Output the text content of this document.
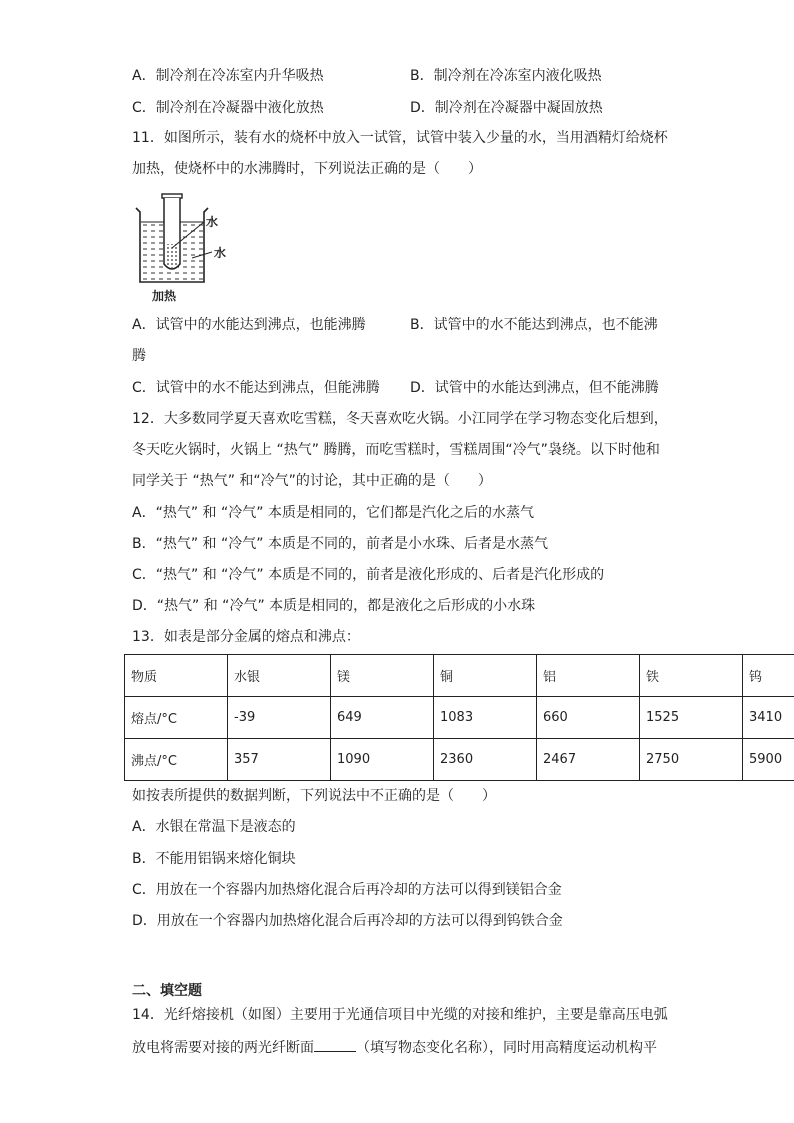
A．制冷剂在冷冻室内升华吸热	B．制冷剂在冷冻室内液化吸热
C．制冷剂在冷凝器中液化放热	D．制冷剂在冷凝器中凝固放热
11．如图所示，装有水的烧杯中放入一试管，试管中装入少量的水，当用酒精灯给烧杯
加热，使烧杯中的水沸腾时，下列说法正确的是（　　）
水
水
加热
A．试管中的水能达到沸点，也能沸腾	B．试管中的水不能达到沸点，也不能沸
腾
C．试管中的水不能达到沸点，但能沸腾 D．试管中的水能达到沸点，但不能沸腾
12．大多数同学夏天喜欢吃雪糕，冬天喜欢吃火锅。小江同学在学习物态变化后想到，
冬天吃火锅时，火锅上 “热气” 腾腾，而吃雪糕时，雪糕周围“冷气”袅绕。以下时他和
同学关于 “热气” 和“冷气”的讨论，其中正确的是（　　）
A．“热气” 和 “冷气” 本质是相同的，它们都是汽化之后的水蒸气
B．“热气” 和 “冷气” 本质是不同的，前者是小水珠、后者是水蒸气
C．“热气” 和 “冷气” 本质是不同的，前者是液化形成的、后者是汽化形成的
D．“热气” 和 “冷气” 本质是相同的，都是液化之后形成的小水珠
13．如表是部分金属的熔点和沸点：
物质	水银	镁	铜	铝	铁	钨
熔点/°C	-39	649	1083	660	1525	3410
沸点/°C	357	1090	2360	2467	2750	5900
如按表所提供的数据判断，下列说法中不正确的是（　　）
A．水银在常温下是液态的
B．不能用铝锅来熔化铜块
C．用放在一个容器内加热熔化混合后再冷却的方法可以得到镁铝合金
D．用放在一个容器内加热熔化混合后再冷却的方法可以得到钨铁合金
二、填空题
14．光纤熔接机（如图）主要用于光通信项目中光缆的对接和维护，主要是靠高压电弧
放电将需要对接的两光纤断面	（填写物态变化名称），同时用高精度运动机构平
